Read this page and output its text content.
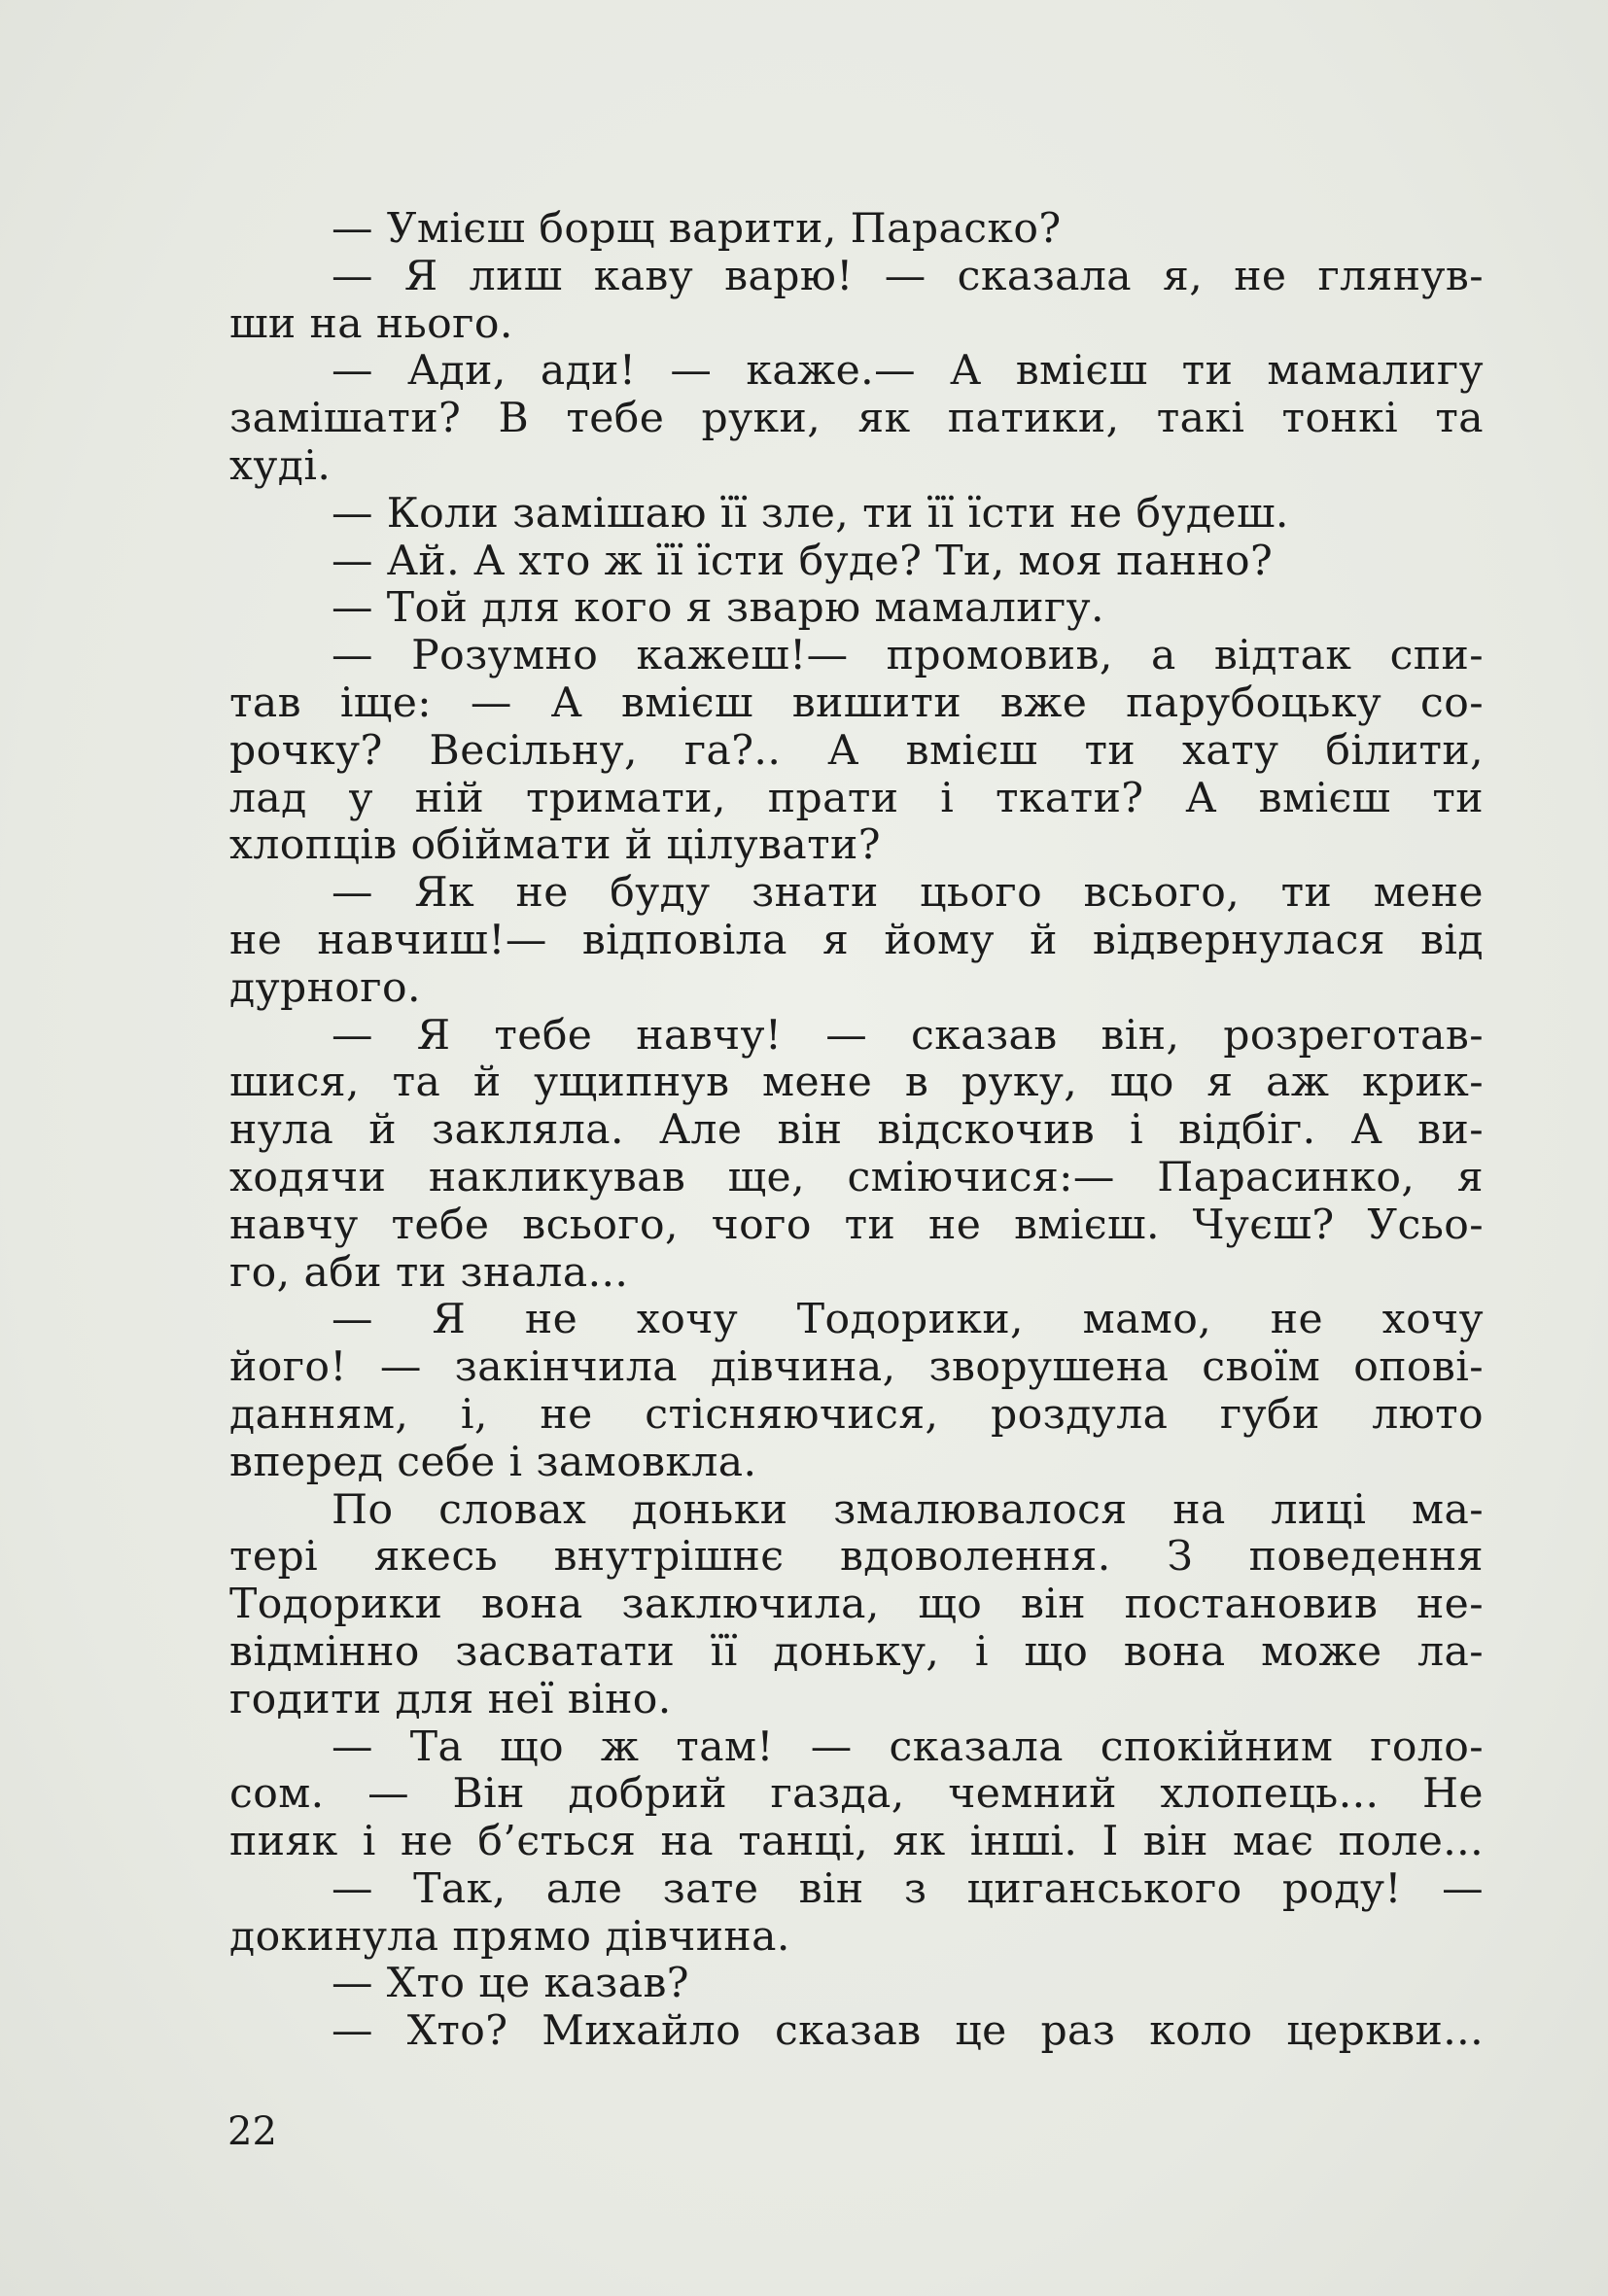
— Умієш борщ варити, Параско?
— Я лиш каву варю! — сказала я, не глянув-
ши на нього.
— Ади, ади! — каже.— А вмієш ти мамалигу
замішати? В тебе руки, як патики, такі тонкі та
худі.
— Коли замішаю її зле, ти її їсти не будеш.
— Ай. А хто ж її їсти буде? Ти, моя панно?
— Той для кого я зварю мамалигу.
— Розумно кажеш!— промовив, а відтак спи-
тав іще: — А вмієш вишити вже парубоцьку со-
рочку? Весільну, га?.. А вмієш ти хату білити,
лад у ній тримати, прати і ткати? А вмієш ти
хлопців обіймати й цілувати?
— Як не буду знати цього всього, ти мене
не навчиш!— відповіла я йому й відвернулася від
дурного.
— Я тебе навчу! — сказав він, розреготав-
шися, та й ущипнув мене в руку, що я аж крик-
нула й закляла. Але він відскочив і відбіг. А ви-
ходячи накликував ще, сміючися:— Парасинко, я
навчу тебе всього, чого ти не вмієш. Чуєш? Усьо-
го, аби ти знала...
— Я не хочу Тодорики, мамо, не хочу
його! — закінчила дівчина, зворушена своїм опові-
данням, і, не стісняючися, роздула губи люто
вперед себе і замовкла.
По словах доньки змалювалося на лиці ма-
тері якесь внутрішнє вдоволення. З поведення
Тодорики вона заключила, що він постановив не-
відмінно засватати її доньку, і що вона може ла-
годити для неї віно.
— Та що ж там! — сказала спокійним голо-
сом. — Він добрий газда, чемний хлопець... Не
пияк і не б’ється на танці, як інші. І він має поле...
— Так, але зате він з циганського роду! —
докинула прямо дівчина.
— Хто це казав?
— Хто? Михайло сказав це раз коло церкви...
22
